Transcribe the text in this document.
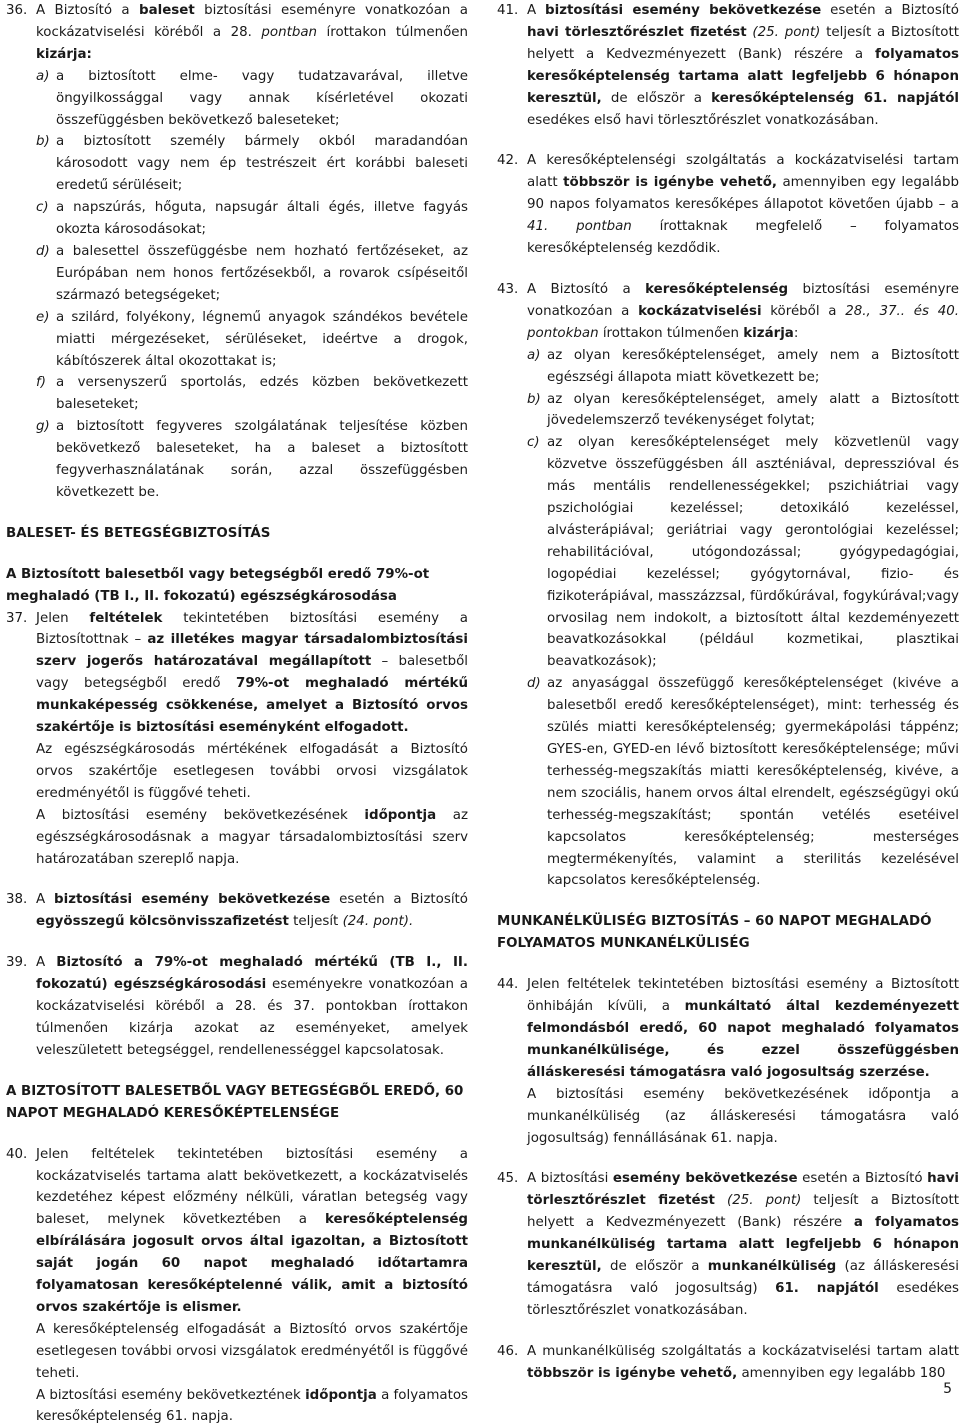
36. A Biztosító a baleset biztosítási eseményre vonatkozóan a kockázatviselési köréből a 28. pontban írottakon túlmenően kizárja:

a) a biztosított elme- vagy tudatzavarával, illetve öngyilkossággal vagy annak kísérletével okozati összefüggésben bekövetkező baleseteket;
b) a biztosított személy bármely okból maradandóan károsodott vagy nem ép testrészeit ért korábbi baleseti eredetű sérüléseit;
c) a napszúrás, hőguta, napsugár általi égés, illetve fagyás okozta károsodásokat;
d) a balesettel összefüggésbe nem hozható fertőzéseket, az Európában nem honos fertőzésekből, a rovarok csípéseitől származó betegségeket;
e) a szilárd, folyékony, légnemű anyagok szándékos bevétele miatti mérgezéseket, sérüléseket, ideértve a drogok, kábítószerek által okozottakat is;
f) a versenyszerű sportolás, edzés közben bekövetkezett baleseteket;
g) a biztosított fegyveres szolgálatának teljesítése közben bekövetkező baleseteket, ha a baleset a biztosított fegyverhasználatának során, azzal összefüggésben következett be.

BALESET- ÉS BETEGSÉGBIZTOSÍTÁS

A Biztosított balesetből vagy betegségből eredő 79%-ot meghaladó (TB I., II. fokozatú) egészségkárosodása

37. Jelen feltételek tekintetében biztosítási esemény a Biztosítottnak – az illetékes magyar társadalombiztosítási szerv jogerős határozatával megállapított – balesetből vagy betegségből eredő 79%-ot meghaladó mértékű munkaképesség csökkenése, amelyet a Biztosító orvos szakértője is biztosítási eseményként elfogadott.

Az egészségkárosodás mértékének elfogadását a Biztosító orvos szakértője esetlegesen további orvosi vizsgálatok eredményétől is függővé teheti.

A biztosítási esemény bekövetkezésének időpontja az egészségkárosodásnak a magyar társadalombiztosítási szerv határozatában szereplő napja.

38. A biztosítási esemény bekövetkezése esetén a Biztosító egyösszegű kölcsönvisszafizetést teljesít (24. pont).
39. A Biztosító a 79%-ot meghaladó mértékű (TB I., II. fokozatú) egészségkárosodási eseményekre vonatkozóan a kockázatviselési köréből a 28. és 37. pontokban írottakon túlmenően kizárja azokat az eseményeket, amelyek veleszületett betegséggel, rendellenességgel kapcsolatosak.

A BIZTOSÍTOTT BALESETBŐL VAGY BETEGSÉGBŐL EREDŐ, 60 NAPOT MEGHALADÓ KERESŐKÉPTELENSÉGE

40. Jelen feltételek tekintetében biztosítási esemény a kockázatviselés tartama alatt bekövetkezett, a kockázatviselés kezdetéhez képest előzmény nélküli, váratlan betegség vagy baleset, melynek következtében a keresőképtelenség elbírálására jogosult orvos által igazoltan, a Biztosított saját jogán 60 napot meghaladó időtartamra folyamatosan keresőképtelenné válik, amit a biztosító orvos szakértője is elismer.

A keresőképtelenség elfogadását a Biztosító orvos szakértője esetlegesen további orvosi vizsgálatok eredményétől is függővé teheti.

A biztosítási esemény bekövetkeztének időpontja a folyamatos keresőképtelenség 61. napja.

41. A biztosítási esemény bekövetkezése esetén a Biztosító havi törlesztőrészlet fizetést (25. pont) teljesít a Biztosított helyett a Kedvezményezett (Bank) részére a folyamatos keresőképtelenség tartama alatt legfeljebb 6 hónapon keresztül, de először a keresőképtelenség 61. napjától esedékes első havi törlesztőrészlet vonatkozásában.
42. A keresőképtelenségi szolgáltatás a kockázatviselési tartam alatt többször is igénybe vehető, amennyiben egy legalább 90 napos folyamatos keresőképes állapotot követően újabb – a 41. pontban írottaknak megfelelő – folyamatos keresőképtelenség kezdődik.
43. A Biztosító a keresőképtelenség biztosítási eseményre vonatkozóan a kockázatviselési köréből a 28., 37.. és 40. pontokban írottakon túlmenően kizárja:

a) az olyan keresőképtelenséget, amely nem a Biztosított egészségi állapota miatt következett be;
b) az olyan keresőképtelenséget, amely alatt a Biztosított jövedelemszerző tevékenységet folytat;
c) az olyan keresőképtelenséget mely közvetlenül vagy közvetve összefüggésben áll aszténiával, depresszióval és más mentális rendellenességekkel; pszichiátriai vagy pszichológiai kezeléssel; detoxikáló kezeléssel, alvásterápiával; geriátriai vagy gerontológiai kezeléssel; rehabilitációval, utógondozással; gyógypedagógiai, logopédiai kezeléssel; gyógytornával, fizio- és fizikoterápiával, masszázzsal, fürdőkúrával, fogykúrával;vagy orvosilag nem indokolt, a biztosított által kezdeményezett beavatkozásokkal (például kozmetikai, plasztikai beavatkozások);
d) az anyasággal összefüggő keresőképtelenséget (kivéve a balesetből eredő keresőképtelenséget), mint: terhesség és szülés miatti keresőképtelenség; gyermekápolási táppénz; GYES-en, GYED-en lévő biztosított keresőképtelensége; művi terhesség-megszakítás miatti keresőképtelenség, kivéve, a nem szociális, hanem orvos által elrendelt, egészségügyi okú terhesség-megszakítást; spontán vetélés esetéivel kapcsolatos keresőképtelenség; mesterséges megtermékenyítés, valamint a sterilitás kezelésével kapcsolatos keresőképtelenség.

MUNKANÉLKÜLISÉG BIZTOSÍTÁS – 60 NAPOT MEGHALADÓ FOLYAMATOS MUNKANÉLKÜLISÉG

44. Jelen feltételek tekintetében biztosítási esemény a Biztosított önhibáján kívüli, a munkáltató által kezdeményezett felmondásból eredő, 60 napot meghaladó folyamatos munkanélkülisége, és ezzel összefüggésben álláskeresési támogatásra való jogosultság szerzése.

A biztosítási esemény bekövetkezésének időpontja a munkanélküliség (az álláskeresési támogatásra való jogosultság) fennállásának 61. napja.

45. A biztosítási esemény bekövetkezése esetén a Biztosító havi törlesztőrészlet fizetést (25. pont) teljesít a Biztosított helyett a Kedvezményezett (Bank) részére a folyamatos munkanélküliség tartama alatt legfeljebb 6 hónapon keresztül, de először a munkanélküliség (az álláskeresési támogatásra való jogosultság) 61. napjától esedékes törlesztőrészlet vonatkozásában.
46. A munkanélküliség szolgáltatás a kockázatviselési tartam alatt többször is igénybe vehető, amennyiben egy legalább 180
5
